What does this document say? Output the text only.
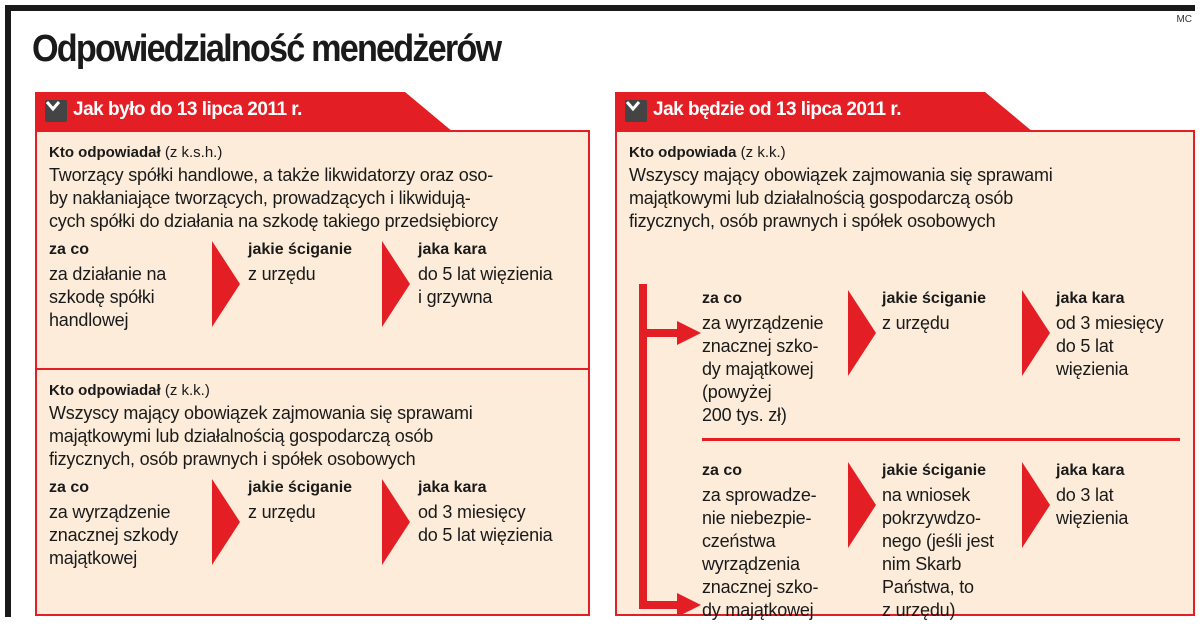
MC
Odpowiedzialność menedżerów
Jak było do 13 lipca 2011 r.
Kto odpowiadał (z k.s.h.)
Tworzący spółki handlowe, a także likwidatorzy oraz oso-
by nakłaniające tworzących, prowadzących i likwidują-
cych spółki do działania na szkodę takiego przedsiębiorcy
za co
za działanie na
szkodę spółki
handlowej
jakie ściganie
z urzędu
jaka kara
do 5 lat więzienia
i grzywna
Kto odpowiadał (z k.k.)
Wszyscy mający obowiązek zajmowania się sprawami
majątkowymi lub działalnością gospodarczą osób
fizycznych, osób prawnych i spółek osobowych
za co
za wyrządzenie
znacznej szkody
majątkowej
jakie ściganie
z urzędu
jaka kara
od 3 miesięcy
do 5 lat więzienia
Jak będzie od 13 lipca 2011 r.
Kto odpowiada (z k.k.)
Wszyscy mający obowiązek zajmowania się sprawami
majątkowymi lub działalnością gospodarczą osób
fizycznych, osób prawnych i spółek osobowych
za co
za wyrządzenie
znacznej szko-
dy majątkowej
(powyżej
200 tys. zł)
jakie ściganie
z urzędu
jaka kara
od 3 miesięcy
do 5 lat
więzienia
za co
za sprowadze-
nie niebezpie-
czeństwa
wyrządzenia
znacznej szko-
dy majątkowej
jakie ściganie
na wniosek
pokrzywdzo-
nego (jeśli jest
nim Skarb
Państwa, to
z urzędu)
jaka kara
do 3 lat
więzienia
